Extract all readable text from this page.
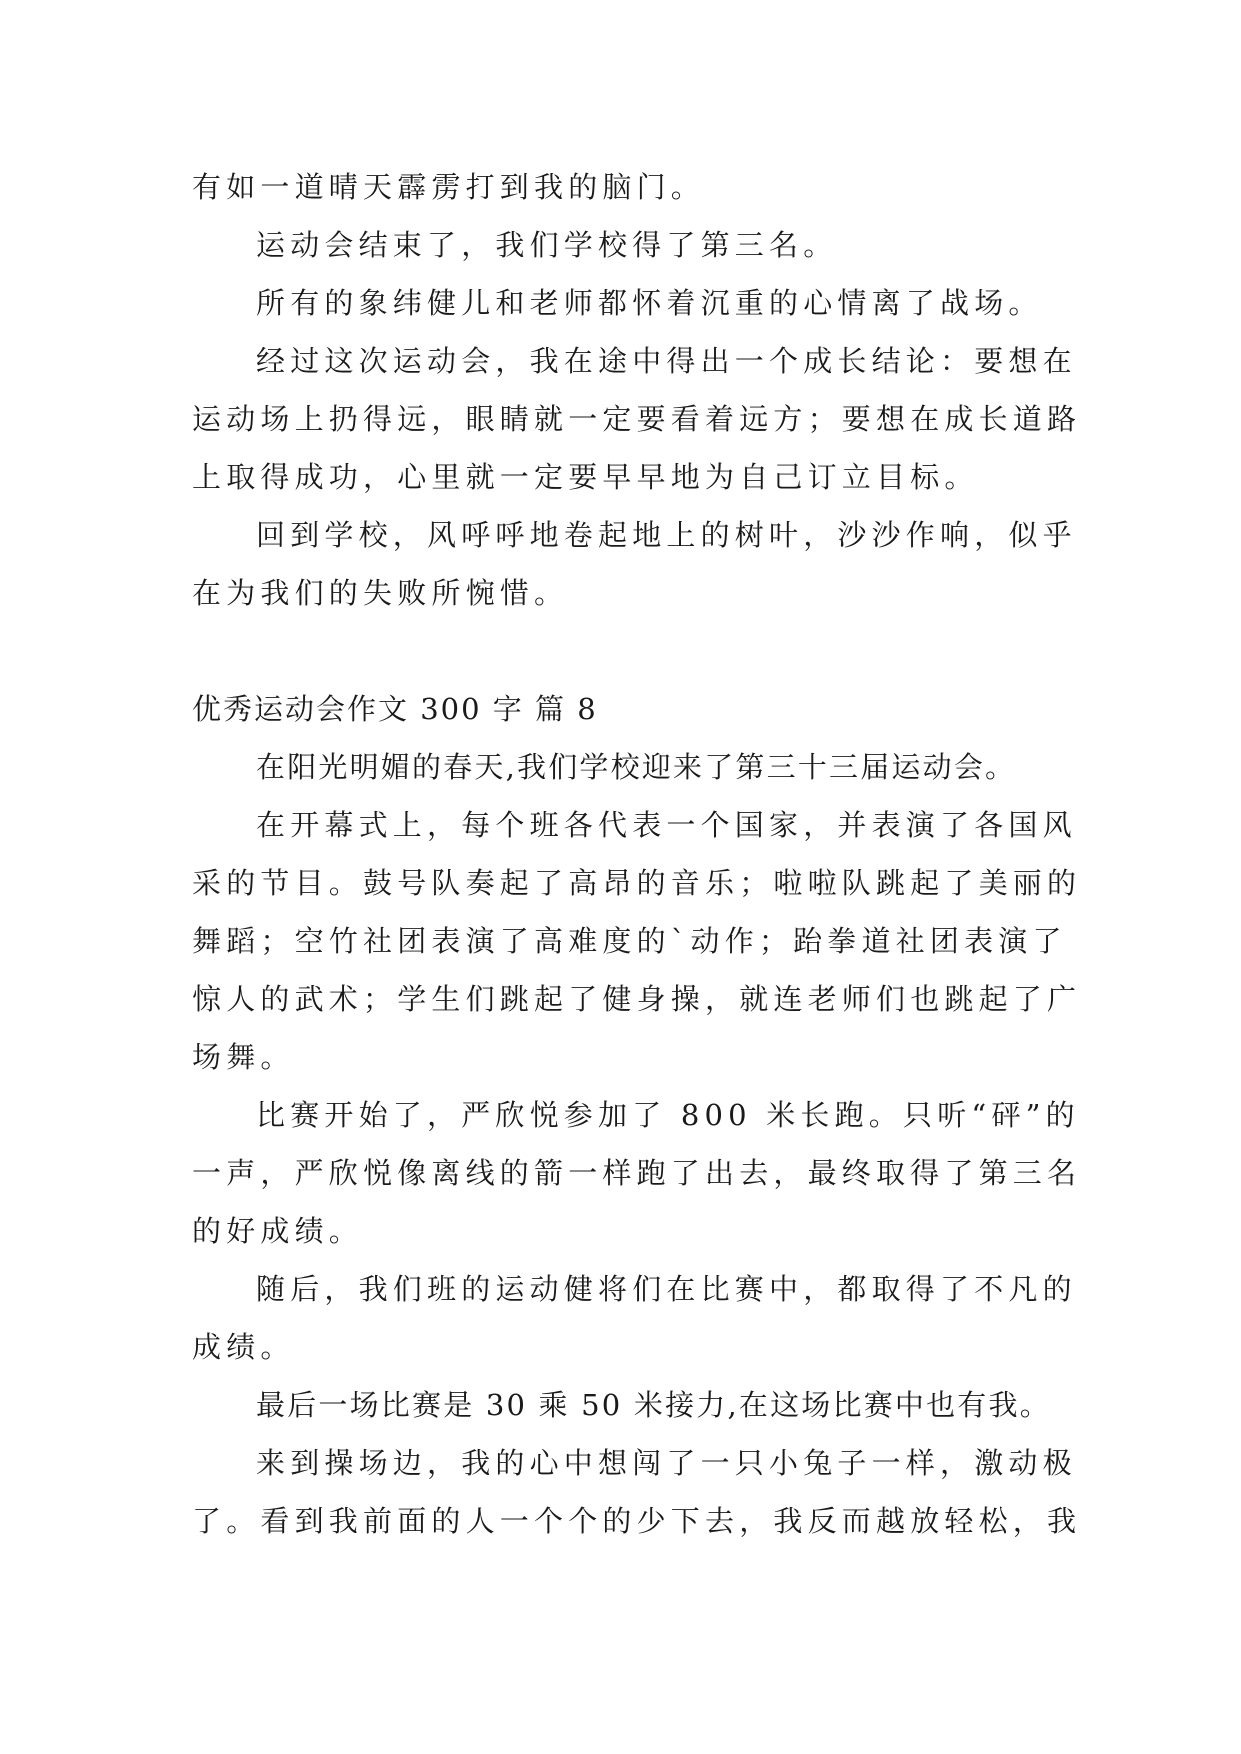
有如一道晴天霹雳打到我的脑门。
运动会结束了，我们学校得了第三名。
所有的象纬健儿和老师都怀着沉重的心情离了战场。
经过这次运动会，我在途中得出一个成长结论：要想在
运动场上扔得远，眼睛就一定要看着远方；要想在成长道路
上取得成功，心里就一定要早早地为自己订立目标。
回到学校，风呼呼地卷起地上的树叶，沙沙作响，似乎
在为我们的失败所惋惜。
优秀运动会作文 300 字 篇 8
在阳光明媚的春天,我们学校迎来了第三十三届运动会。
在开幕式上，每个班各代表一个国家，并表演了各国风
采的节目。鼓号队奏起了高昂的音乐；啦啦队跳起了美丽的
舞蹈；空竹社团表演了高难度的`动作；跆拳道社团表演了
惊人的武术；学生们跳起了健身操，就连老师们也跳起了广
场舞。
比赛开始了，严欣悦参加了 800 米长跑。只听“砰”的
一声，严欣悦像离线的箭一样跑了出去，最终取得了第三名
的好成绩。
随后，我们班的运动健将们在比赛中，都取得了不凡的
成绩。
最后一场比赛是 30 乘 50 米接力,在这场比赛中也有我。
来到操场边，我的心中想闯了一只小兔子一样，激动极
了。看到我前面的人一个个的少下去，我反而越放轻松，我
